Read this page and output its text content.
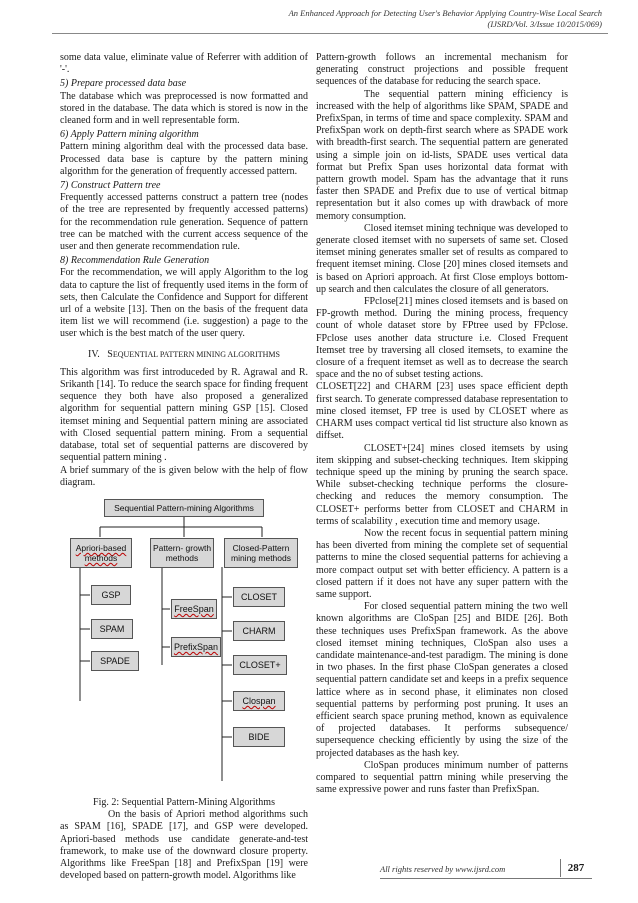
An Enhanced Approach for Detecting User's Behavior Applying Country-Wise Local Search
(IJSRD/Vol. 3/Issue 10/2015/069)

some data value, eliminate value of Referrer with addition of '-'.

5) Prepare processed data base

The database which was preprocessed is now formatted and stored in the database. The data which is stored is now in the cleaned form and in well representable form.

6) Apply Pattern mining algorithm

Pattern mining algorithm deal with the processed data base. Processed data base is capture by the pattern mining algorithm for the generation of frequently accessed pattern.

7) Construct Pattern tree

Frequently accessed patterns construct a pattern tree (nodes of the tree are represented by frequently accessed patterns) for the recommendation rule generation. Sequence of pattern tree can be matched with the current access sequence of the user and then generate recommendation rule.

8) Recommendation Rule Generation

For the recommendation, we will apply Algorithm to the log data to capture the list of frequently used items in the form of sets, then Calculate the Confidence and Support for different url of a website [13]. Then on the basis of the frequent data item list we will recommend (i.e. suggestion) a page to the user which is the best match of the user query.

IV. SEQUENTIAL PATTERN MINING ALGORITHMS

This algorithm was first introduceded by R. Agrawal and R. Srikanth [14]. To reduce the search space for finding frequent sequence they both have also proposed a generalized algorithm for sequential pattern mining GSP [15]. Closed itemset mining and Sequential pattern mining are associated with Closed sequential pattern mining. From a sequential database, total set of sequential patterns are discovered by sequential pattern mining .

A brief summary of the is given below with the help of flow diagram.

Sequential Pattern-mining Algorithms
Apriori-based methods
Pattern- growth methods
Closed-Pattern mining methods
GSP
SPAM
SPADE
FreeSpan
PrefixSpan
CLOSET
CHARM
CLOSET+
Clospan
BIDE

Fig. 2: Sequential Pattern-Mining Algorithms

On the basis of Apriori method algorithms such as SPAM [16], SPADE [17], and GSP were developed. Apriori-based methods use candidate generate-and-test framework, to make use of the downward closure property. Algorithms like FreeSpan [18] and PrefixSpan [19] were developed based on pattern-growth model. Algorithms like

Pattern-growth follows an incremental mechanism for generating construct projections and possible frequent sequences of the database for reducing the search space.

The sequential pattern mining efficiency is increased with the help of algorithms like SPAM, SPADE and PrefixSpan, in terms of time and space complexity. SPAM and PrefixSpan work on depth-first search where as SPADE work with breadth-first search. The sequential pattern are generated using a simple join on id-lists, SPADE uses vertical data format but Prefix Span uses horizontal data format with pattern growth model. Spam has the advantage that it runs faster then SPADE and Prefix due to use of vertical bitmap representation but it also comes up with drawback of more memory consumption.

Closed itemset mining technique was developed to generate closed itemset with no supersets of same set. Closed itemset mining generates smaller set of results as compared to frequent itemset mining. Close [20] mines closed itemsets and is based on Apriori approach. At first Close employs bottom-up search and then calculates the closure of all generators.

FPclose[21] mines closed itemsets and is based on FP-growth method. During the mining process, frequency count of whole dataset store by FPtree used by FPclose. FPclose uses another data structure i.e. Closed Frequent Itemset tree by traversing all closed itemsets, to examine the closure of a frequent itemset as well as to decrease the search space and the no of subset testing actions.

CLOSET[22] and CHARM [23] uses space efficient depth first search. To generate compressed database representation to mine closed itemset, FP tree is used by CLOSET where as CHARM uses compact vertical tid list structure also known as diffset.

CLOSET+[24] mines closed itemsets by using item skipping and subset-checking techniques. Item skipping technique speed up the mining by pruning the search space. While subset-checking technique performs the closure-checking and reduces the memory consumption. The CLOSET+ performs better from CLOSET and CHARM in terms of scalability , execution time and memory usage.

Now the recent focus in sequential pattern mining has been diverted from mining the complete set of sequential patterns to mine the closed sequential patterns for achieving a more compact output set with better efficiency. A pattern is a closed pattern if it does not have any super pattern with the same support.

For closed sequential pattern mining the two well known algorithms are CloSpan [25] and BIDE [26]. Both these techniques uses PrefixSpan framework. As the above closed itemset mining techniques, CloSpan also uses a candidate maintenance-and-test paradigm. The mining is done in two phases. In the first phase CloSpan generates a closed sequential pattern candidate set and keeps in a prefix sequence lattice where as in second phase, it eliminates non closed sequential patterns by performing post pruning. It uses an efficient search space pruning method, known as equivalence of projected databases. It performs subsequence/ supersequence checking efficiently by using the size of the projected databases as the hash key.

CloSpan produces minimum number of patterns compared to sequential pattrn mining while preserving the same expressive power and runs faster than PrefixSpan.

All rights reserved by www.ijsrd.com	287
